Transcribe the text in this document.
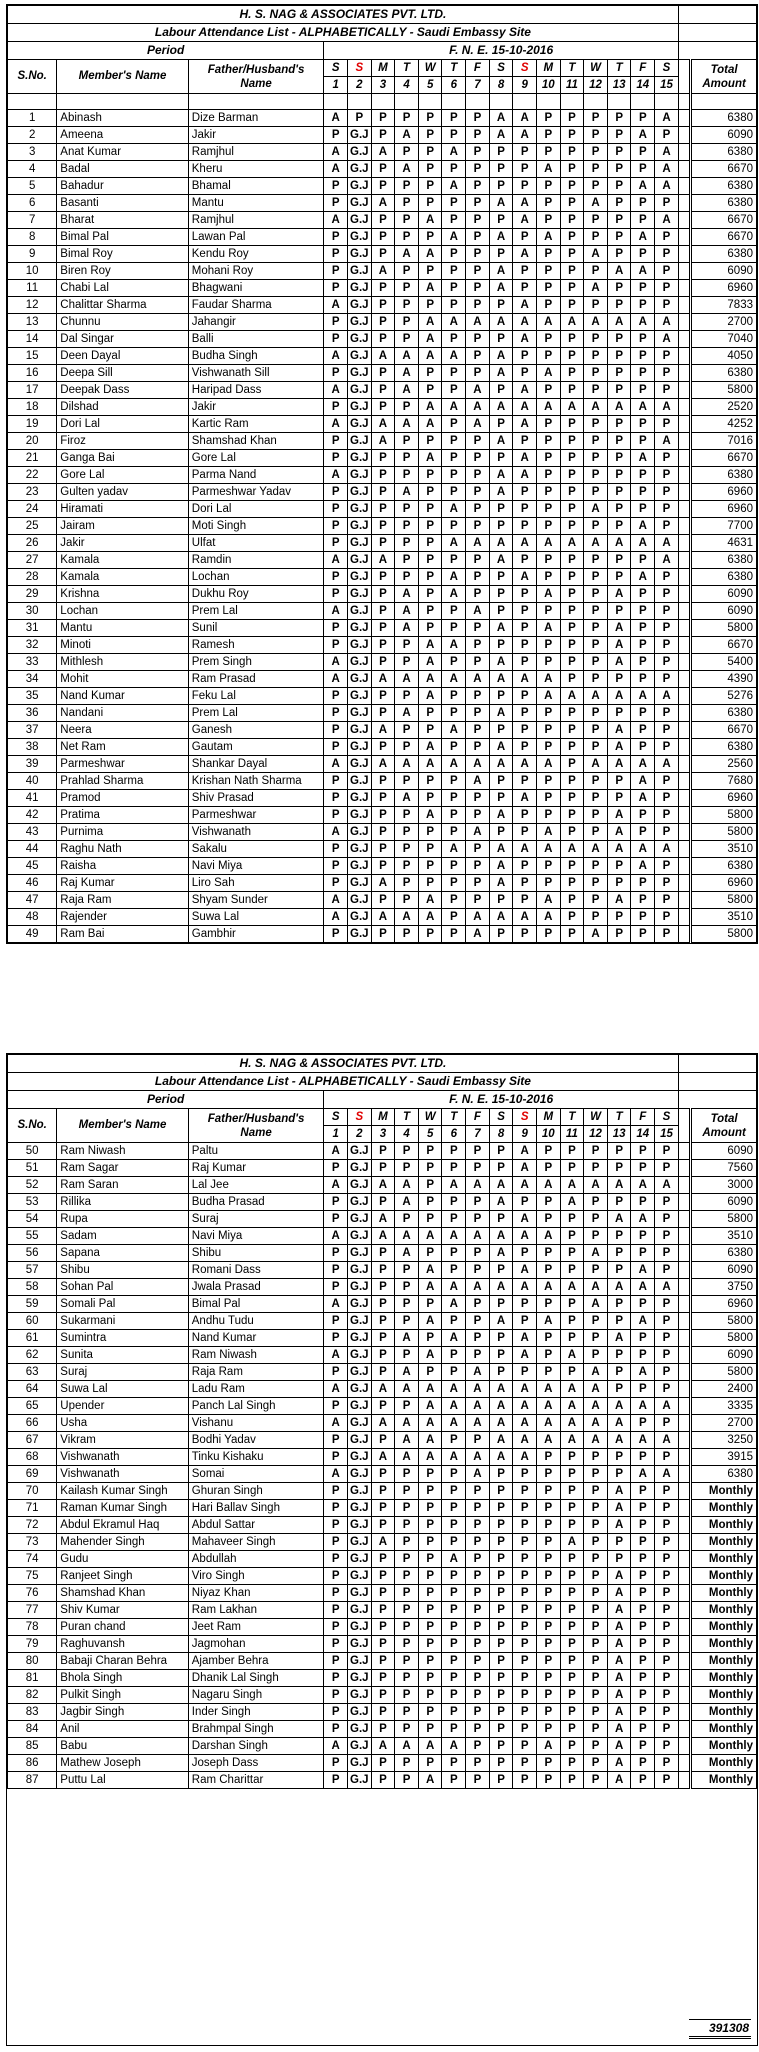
H. S. NAG & ASSOCIATES PVT. LTD.																			
Labour Attendance List - ALPHABETICALLY - Saudi Embassy Site																			
Period			F. N. E. 15-10-2016																
S.No.	Member's Name	Father/Husband's Name	S	S	M	T	W	T	F	S	S	M	T	W	T	F	S		Total Amount
			1	2	3	4	5	6	7	8	9	10	11	12	13	14	15		

1	Abinash	Dize Barman	A	P	P	P	P	P	P	A	A	P	P	P	P	P	A		6380
2	Ameena	Jakir	P	G.J	P	A	P	P	P	A	A	P	P	P	P	A	P		6090
3	Anat Kumar	Ramjhul	A	G.J	A	P	P	A	P	P	P	P	P	P	P	P	A		6380
4	Badal	Kheru	A	G.J	P	A	P	P	P	P	P	A	P	P	P	P	A		6670
5	Bahadur	Bhamal	P	G.J	P	P	P	A	P	P	P	P	P	P	P	A	A		6380
6	Basanti	Mantu	P	G.J	A	P	P	P	P	A	A	P	P	A	P	P	P		6380
7	Bharat	Ramjhul	A	G.J	P	P	A	P	P	P	A	P	P	P	P	P	A		6670
8	Bimal Pal	Lawan Pal	P	G.J	P	P	P	A	P	A	P	A	P	P	P	A	P		6670
9	Bimal Roy	Kendu Roy	P	G.J	P	A	A	P	P	P	A	P	P	A	P	P	P		6380
10	Biren Roy	Mohani Roy	P	G.J	A	P	P	P	P	A	P	P	P	P	A	A	P		6090
11	Chabi Lal	Bhagwani	P	G.J	P	P	A	P	P	A	P	P	P	A	P	P	P		6960
12	Chalittar Sharma	Faudar Sharma	A	G.J	P	P	P	P	P	P	A	P	P	P	P	P	P		7833
13	Chunnu	Jahangir	P	G.J	P	P	A	A	A	A	A	A	A	A	A	A	A		2700
14	Dal Singar	Balli	P	G.J	P	P	A	P	P	P	A	P	P	P	P	P	A		7040
15	Deen Dayal	Budha Singh	A	G.J	A	A	A	A	P	A	P	P	P	P	P	P	P		4050
16	Deepa Sill	Vishwanath Sill	P	G.J	P	A	P	P	P	A	P	A	P	P	P	P	P		6380
17	Deepak Dass	Haripad Dass	A	G.J	P	A	P	P	A	P	A	P	P	P	P	P	P		5800
18	Dilshad	Jakir	P	G.J	P	P	A	A	A	A	A	A	A	A	A	A	A		2520
19	Dori Lal	Kartic Ram	A	G.J	A	A	A	P	A	P	A	P	P	P	P	P	P		4252
20	Firoz	Shamshad Khan	P	G.J	A	P	P	P	P	A	P	P	P	P	P	P	A		7016
21	Ganga Bai	Gore Lal	P	G.J	P	P	A	P	P	P	A	P	P	P	P	A	P		6670
22	Gore Lal	Parma Nand	A	G.J	P	P	P	P	P	A	A	P	P	P	P	P	P		6380
23	Gulten yadav	Parmeshwar Yadav	P	G.J	P	A	P	P	P	A	P	P	P	P	P	P	P		6960
24	Hiramati	Dori Lal	P	G.J	P	P	P	A	P	P	P	P	P	A	P	P	P		6960
25	Jairam	Moti Singh	P	G.J	P	P	P	P	P	P	P	P	P	P	P	A	P		7700
26	Jakir	Ulfat	P	G.J	P	P	P	A	A	A	A	A	A	A	A	A	A		4631
27	Kamala	Ramdin	A	G.J	A	P	P	P	P	A	P	P	P	P	P	P	A		6380
28	Kamala	Lochan	P	G.J	P	P	P	A	P	P	A	P	P	P	P	A	P		6380
29	Krishna	Dukhu Roy	P	G.J	P	A	P	A	P	P	P	A	P	P	A	P	P		6090
30	Lochan	Prem Lal	A	G.J	P	A	P	P	A	P	P	P	P	P	P	P	P		6090
31	Mantu	Sunil	P	G.J	P	A	P	P	P	A	P	A	P	P	A	P	P		5800
32	Minoti	Ramesh	P	G.J	P	P	A	A	P	P	P	P	P	P	A	P	P		6670
33	Mithlesh	Prem Singh	A	G.J	P	P	A	P	P	A	P	P	P	P	A	P	P		5400
34	Mohit	Ram Prasad	A	G.J	A	A	A	A	A	A	A	A	P	P	P	P	P		4390
35	Nand Kumar	Feku Lal	P	G.J	P	P	A	P	P	P	P	A	A	A	A	A	A		5276
36	Nandani	Prem Lal	P	G.J	P	A	P	P	P	A	P	P	P	P	P	P	P		6380
37	Neera	Ganesh	P	G.J	A	P	P	A	P	P	P	P	P	P	A	P	P		6670
38	Net Ram	Gautam	P	G.J	P	P	A	P	P	A	P	P	P	P	A	P	P		6380
39	Parmeshwar	Shankar Dayal	A	G.J	A	A	A	A	A	A	A	A	P	A	A	A	A		2560
40	Prahlad Sharma	Krishan Nath Sharma	P	G.J	P	P	P	P	A	P	P	P	P	P	P	A	P		7680
41	Pramod	Shiv Prasad	P	G.J	P	A	P	P	P	P	A	P	P	P	P	A	P		6960
42	Pratima	Parmeshwar	P	G.J	P	P	A	P	P	A	P	P	P	P	A	P	P		5800
43	Purnima	Vishwanath	A	G.J	P	P	P	P	A	P	P	A	P	P	A	P	P		5800
44	Raghu Nath	Sakalu	P	G.J	P	P	P	A	P	A	A	A	A	A	A	A	A		3510
45	Raisha	Navi Miya	P	G.J	P	P	P	P	P	A	P	P	P	P	P	A	P		6380
46	Raj Kumar	Liro Sah	P	G.J	A	P	P	P	P	A	P	P	P	P	P	P	P		6960
47	Raja Ram	Shyam Sunder	A	G.J	P	P	A	P	P	P	P	A	P	P	A	P	P		5800
48	Rajender	Suwa Lal	A	G.J	A	A	A	P	A	A	A	A	P	P	P	P	P		3510
49	Ram Bai	Gambhir	P	G.J	P	P	P	P	A	P	P	P	P	A	P	P	P		5800
H. S. NAG & ASSOCIATES PVT. LTD.																			
Labour Attendance List - ALPHABETICALLY - Saudi Embassy Site																			
Period			F. N. E. 15-10-2016																
S.No.	Member's Name	Father/Husband's Name	S	S	M	T	W	T	F	S	S	M	T	W	T	F	S		Total Amount
			1	2	3	4	5	6	7	8	9	10	11	12	13	14	15		
50	Ram Niwash	Paltu	A	G.J	P	P	P	P	P	P	A	P	P	P	P	P	P		6090
51	Ram Sagar	Raj Kumar	P	G.J	P	P	P	P	P	P	A	P	P	P	P	P	P		7560
52	Ram Saran	Lal Jee	A	G.J	A	A	P	A	A	A	A	A	A	A	A	A	A		3000
53	Rillika	Budha Prasad	P	G.J	P	A	P	P	P	A	P	P	A	P	P	P	P		6090
54	Rupa	Suraj	P	G.J	A	P	P	P	P	P	A	P	P	P	A	A	P		5800
55	Sadam	Navi Miya	A	G.J	A	A	A	A	A	A	A	A	P	P	P	P	P		3510
56	Sapana	Shibu	P	G.J	P	A	P	P	P	A	P	P	P	A	P	P	P		6380
57	Shibu	Romani Dass	P	G.J	P	P	A	P	P	P	A	P	P	P	P	A	P		6090
58	Sohan Pal	Jwala Prasad	P	G.J	P	P	A	A	A	A	A	A	A	A	A	A	A		3750
59	Somali Pal	Bimal Pal	A	G.J	P	P	P	A	P	P	P	P	P	A	P	P	P		6960
60	Sukarmani	Andhu Tudu	P	G.J	P	P	A	P	P	A	P	A	P	P	P	A	P		5800
61	Sumintra	Nand Kumar	P	G.J	P	A	P	A	P	P	A	P	P	P	A	P	P		5800
62	Sunita	Ram Niwash	A	G.J	P	P	A	P	P	P	A	P	A	P	P	P	P		6090
63	Suraj	Raja Ram	P	G.J	P	A	P	P	A	P	P	P	P	A	P	A	P		5800
64	Suwa Lal	Ladu Ram	A	G.J	A	A	A	A	A	A	A	A	A	A	P	P	P		2400
65	Upender	Panch Lal Singh	P	G.J	P	P	A	A	A	A	A	A	A	A	A	A	A		3335
66	Usha	Vishanu	A	G.J	A	A	A	A	A	A	A	A	A	A	A	P	P		2700
67	Vikram	Bodhi Yadav	P	G.J	P	A	A	P	P	A	A	A	A	A	A	A	A		3250
68	Vishwanath	Tinku Kishaku	P	G.J	A	A	A	A	A	A	A	P	P	P	P	P	P		3915
69	Vishwanath	Somai	A	G.J	P	P	P	P	A	P	P	P	P	P	P	A	A		6380
70	Kailash Kumar Singh	Ghuran Singh	P	G.J	P	P	P	P	P	P	P	P	P	P	A	P	P		Monthly
71	Raman Kumar Singh	Hari Ballav Singh	P	G.J	P	P	P	P	P	P	P	P	P	P	A	P	P		Monthly
72	Abdul Ekramul Haq	Abdul Sattar	P	G.J	P	P	P	P	P	P	P	P	P	P	A	P	P		Monthly
73	Mahender Singh	Mahaveer Singh	P	G.J	A	P	P	P	P	P	P	P	A	P	P	P	P		Monthly
74	Gudu	Abdullah	P	G.J	P	P	P	A	P	P	P	P	P	P	P	P	P		Monthly
75	Ranjeet Singh	Viro Singh	P	G.J	P	P	P	P	P	P	P	P	P	P	A	P	P		Monthly
76	Shamshad Khan	Niyaz Khan	P	G.J	P	P	P	P	P	P	P	P	P	P	A	P	P		Monthly
77	Shiv Kumar	Ram Lakhan	P	G.J	P	P	P	P	P	P	P	P	P	P	A	P	P		Monthly
78	Puran chand	Jeet Ram	P	G.J	P	P	P	P	P	P	P	P	P	P	A	P	P		Monthly
79	Raghuvansh	Jagmohan	P	G.J	P	P	P	P	P	P	P	P	P	P	A	P	P		Monthly
80	Babaji Charan Behra	Ajamber Behra	P	G.J	P	P	P	P	P	P	P	P	P	P	A	P	P		Monthly
81	Bhola Singh	Dhanik Lal Singh	P	G.J	P	P	P	P	P	P	P	P	P	P	A	P	P		Monthly
82	Pulkit Singh	Nagaru Singh	P	G.J	P	P	P	P	P	P	P	P	P	P	A	P	P		Monthly
83	Jagbir Singh	Inder Singh	P	G.J	P	P	P	P	P	P	P	P	P	P	A	P	P		Monthly
84	Anil	Brahmpal Singh	P	G.J	P	P	P	P	P	P	P	P	P	P	A	P	P		Monthly
85	Babu	Darshan Singh	A	G.J	A	A	A	A	P	P	P	A	P	P	A	P	P		Monthly
86	Mathew Joseph	Joseph Dass	P	G.J	P	P	P	P	P	P	P	P	P	P	A	P	P		Monthly
87	Puttu Lal	Ram Charittar	P	G.J	P	P	A	P	P	P	P	P	P	P	A	P	P		Monthly
391308
